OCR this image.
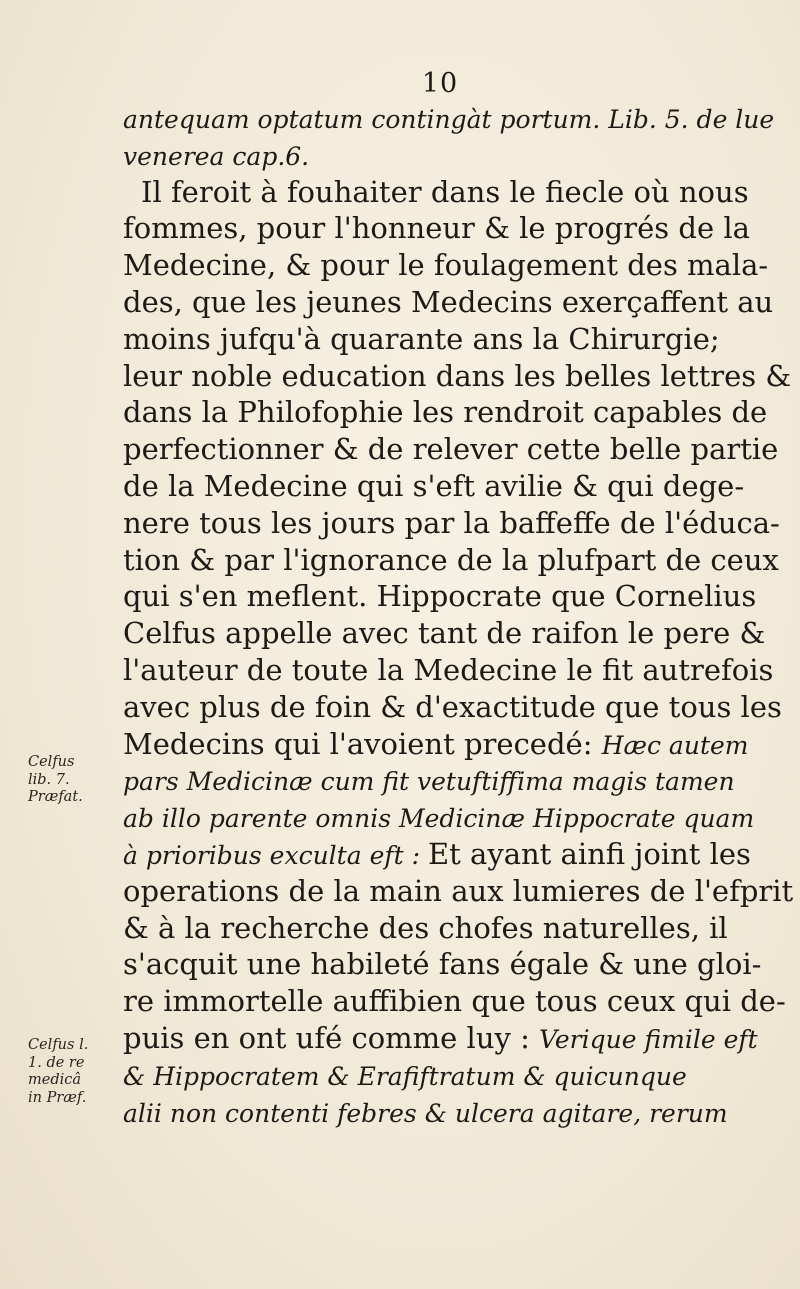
10
antequam optatum contingàt portum. Lib. 5. de lue
venerea cap.6.
Il feroit à fouhaiter dans le fiecle où nous
fommes, pour l'honneur & le progrés de la
Medecine, & pour le foulagement des mala-
des, que les jeunes Medecins exerçaffent au
moins jufqu'à quarante ans la Chirurgie;
leur noble education dans les belles lettres &
dans la Philofophie les rendroit capables de
perfectionner & de relever cette belle partie
de la Medecine qui s'eft avilie & qui dege-
nere tous les jours par la baffeffe de l'éduca-
tion & par l'ignorance de la plufpart de ceux
qui s'en meflent. Hippocrate que Cornelius
Celfus appelle avec tant de raifon le pere &
l'auteur de toute la Medecine le fit autrefois
avec plus de foin & d'exactitude que tous les
Medecins qui l'avoient precedé: Hæc autem
pars Medicinæ cum fit vetuftiffima magis tamen
ab illo parente omnis Medicinæ Hippocrate quam
à prioribus exculta eft : Et ayant ainfi joint les
operations de la main aux lumieres de l'efprit
& à la recherche des chofes naturelles, il
s'acquit une habileté fans égale & une gloi-
re immortelle auffibien que tous ceux qui de-
puis en ont ufé comme luy : Verique fimile eft
& Hippocratem & Erafiftratum & quicunque
alii non contenti febres & ulcera agitare, rerum
Celfus
lib. 7.
Præfat.
Celfus l.
1. de re
medicâ
in Præf.
